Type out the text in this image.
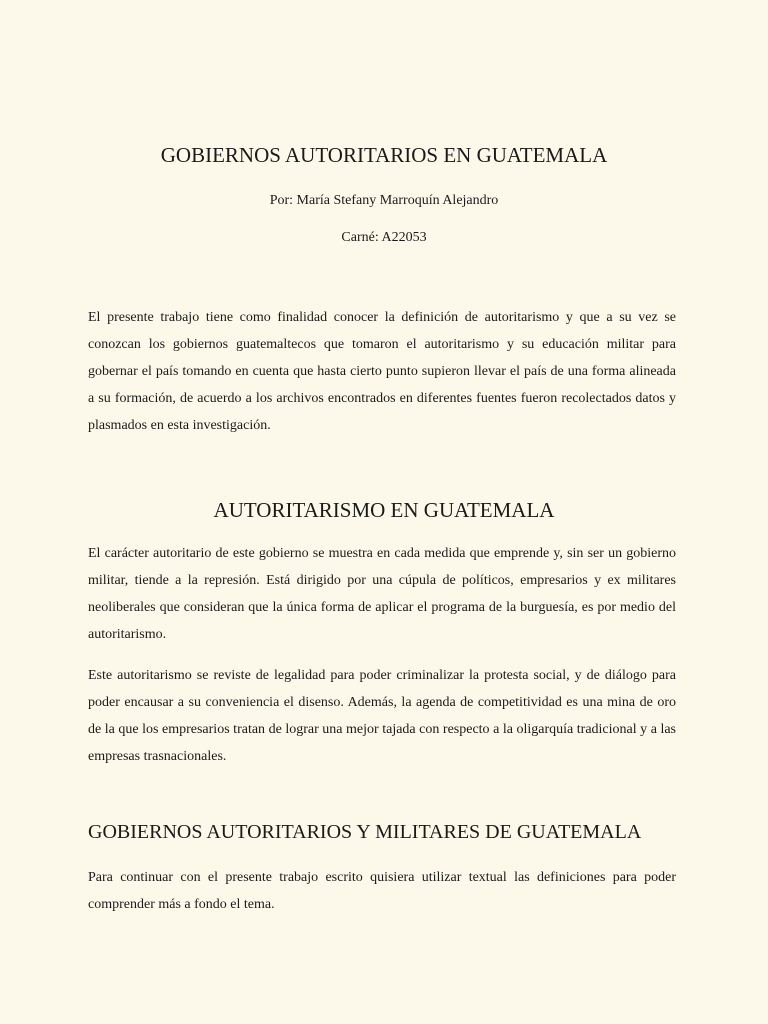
GOBIERNOS AUTORITARIOS EN GUATEMALA

Por: María Stefany Marroquín Alejandro

Carné: A22053

El presente trabajo tiene como finalidad conocer la definición de autoritarismo y que a su vez se conozcan los gobiernos guatemaltecos que tomaron el autoritarismo y su educación militar para gobernar el país tomando en cuenta que hasta cierto punto supieron llevar el país de una forma alineada a su formación, de acuerdo a los archivos encontrados en diferentes fuentes fueron recolectados datos y plasmados en esta investigación.

AUTORITARISMO EN GUATEMALA

El carácter autoritario de este gobierno se muestra en cada medida que emprende y, sin ser un gobierno militar, tiende a la represión. Está dirigido por una cúpula de políticos, empresarios y ex militares neoliberales que consideran que la única forma de aplicar el programa de la burguesía, es por medio del autoritarismo.

Este autoritarismo se reviste de legalidad para poder criminalizar la protesta social, y de diálogo para poder encausar a su conveniencia el disenso. Además, la agenda de competitividad es una mina de oro de la que los empresarios tratan de lograr una mejor tajada con respecto a la oligarquía tradicional y a las empresas trasnacionales.

GOBIERNOS AUTORITARIOS Y MILITARES DE GUATEMALA

Para continuar con el presente trabajo escrito quisiera utilizar textual las definiciones para poder comprender más a fondo el tema.
